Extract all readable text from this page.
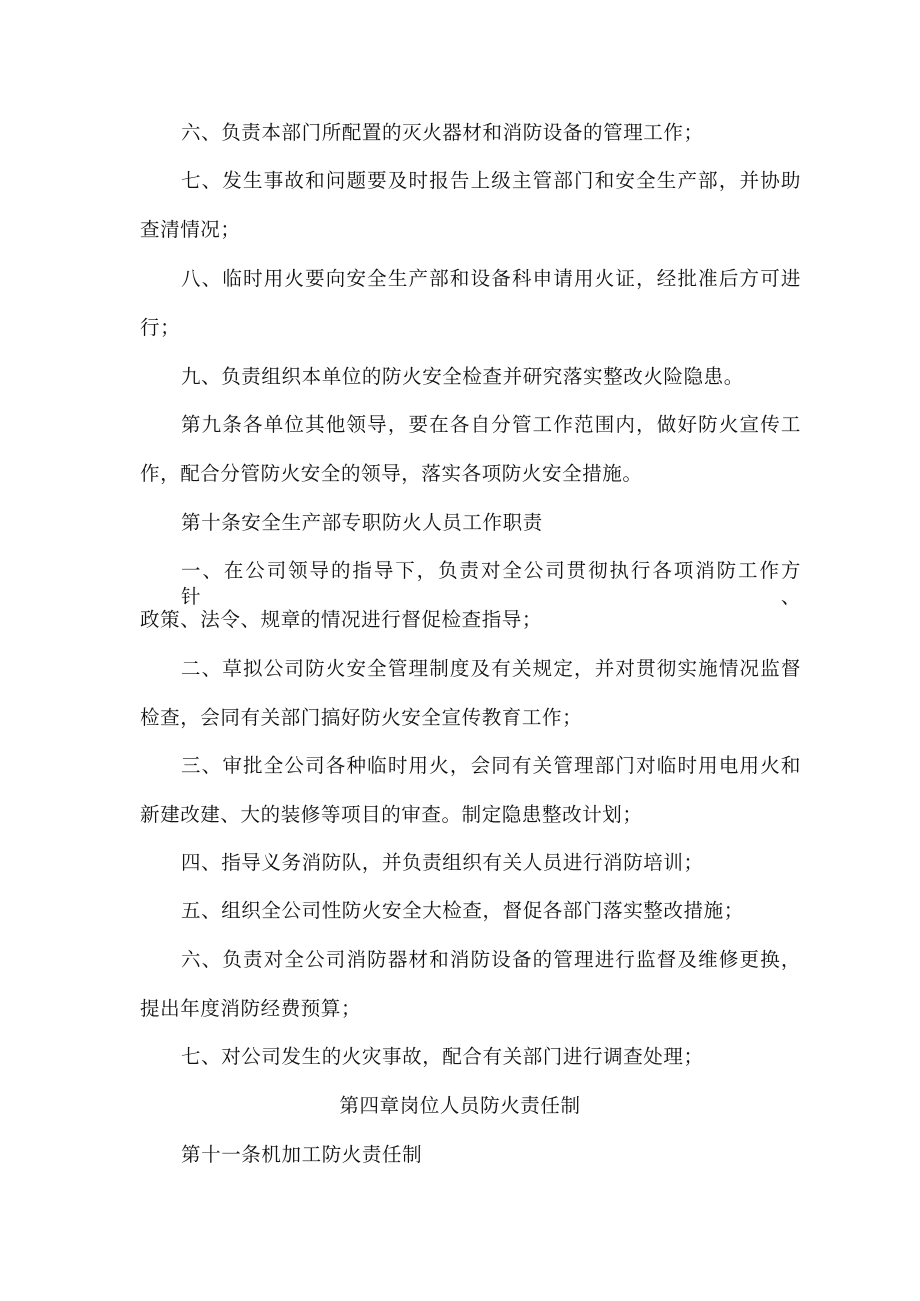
六、负责本部门所配置的灭火器材和消防设备的管理工作；
七、发生事故和问题要及时报告上级主管部门和安全生产部，并协助
查清情况；
八、临时用火要向安全生产部和设备科申请用火证，经批准后方可进
行；
九、负责组织本单位的防火安全检查并研究落实整改火险隐患。
第九条各单位其他领导，要在各自分管工作范围内，做好防火宣传工
作，配合分管防火安全的领导，落实各项防火安全措施。
第十条安全生产部专职防火人员工作职责
一、在公司领导的指导下，负责对全公司贯彻执行各项消防工作方针、
政策、法令、规章的情况进行督促检查指导；
二、草拟公司防火安全管理制度及有关规定，并对贯彻实施情况监督
检查，会同有关部门搞好防火安全宣传教育工作；
三、审批全公司各种临时用火，会同有关管理部门对临时用电用火和
新建改建、大的装修等项目的审查。制定隐患整改计划；
四、指导义务消防队，并负责组织有关人员进行消防培训；
五、组织全公司性防火安全大检查，督促各部门落实整改措施；
六、负责对全公司消防器材和消防设备的管理进行监督及维修更换，
提出年度消防经费预算；
七、对公司发生的火灾事故，配合有关部门进行调查处理；
第四章岗位人员防火责任制
第十一条机加工防火责任制
